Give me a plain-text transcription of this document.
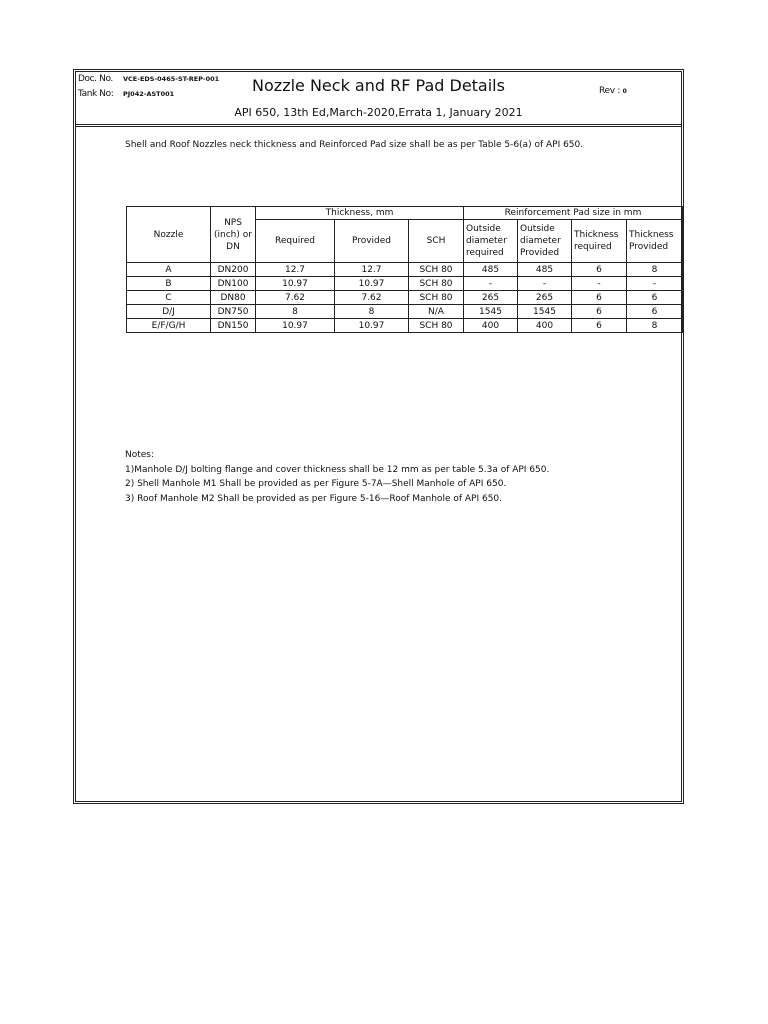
Doc. No. VCE-EDS-0465-ST-REP-001
Tank No: PJ042-AST001	Nozzle Neck and RF Pad Details	Rev : 0
API 650, 13th Ed,March-2020,Errata 1, January 2021
Shell and Roof Nozzles neck thickness and Reinforced Pad size shall be as per Table 5-6(a) of API 650.
Nozzle	NPS (inch) or DN	Thickness, mm			Reinforcement Pad size in mm			
		Required	Provided	SCH	Outside diameter required	Outside diameter Provided	Thickness required	Thickness Provided
A	DN200	12.7	12.7	SCH 80	485	485	6	8
B	DN100	10.97	10.97	SCH 80	-	-	-	-
C	DN80	7.62	7.62	SCH 80	265	265	6	6
D/J	DN750	8	8	N/A	1545	1545	6	6
E/F/G/H	DN150	10.97	10.97	SCH 80	400	400	6	8
Notes:
1)Manhole D/J bolting flange and cover thickness shall be 12 mm as per table 5.3a of API 650.
2) Shell Manhole M1 Shall be provided as per Figure 5-7A—Shell Manhole of API 650.
3) Roof Manhole M2 Shall be provided as per Figure 5-16—Roof Manhole of API 650.
